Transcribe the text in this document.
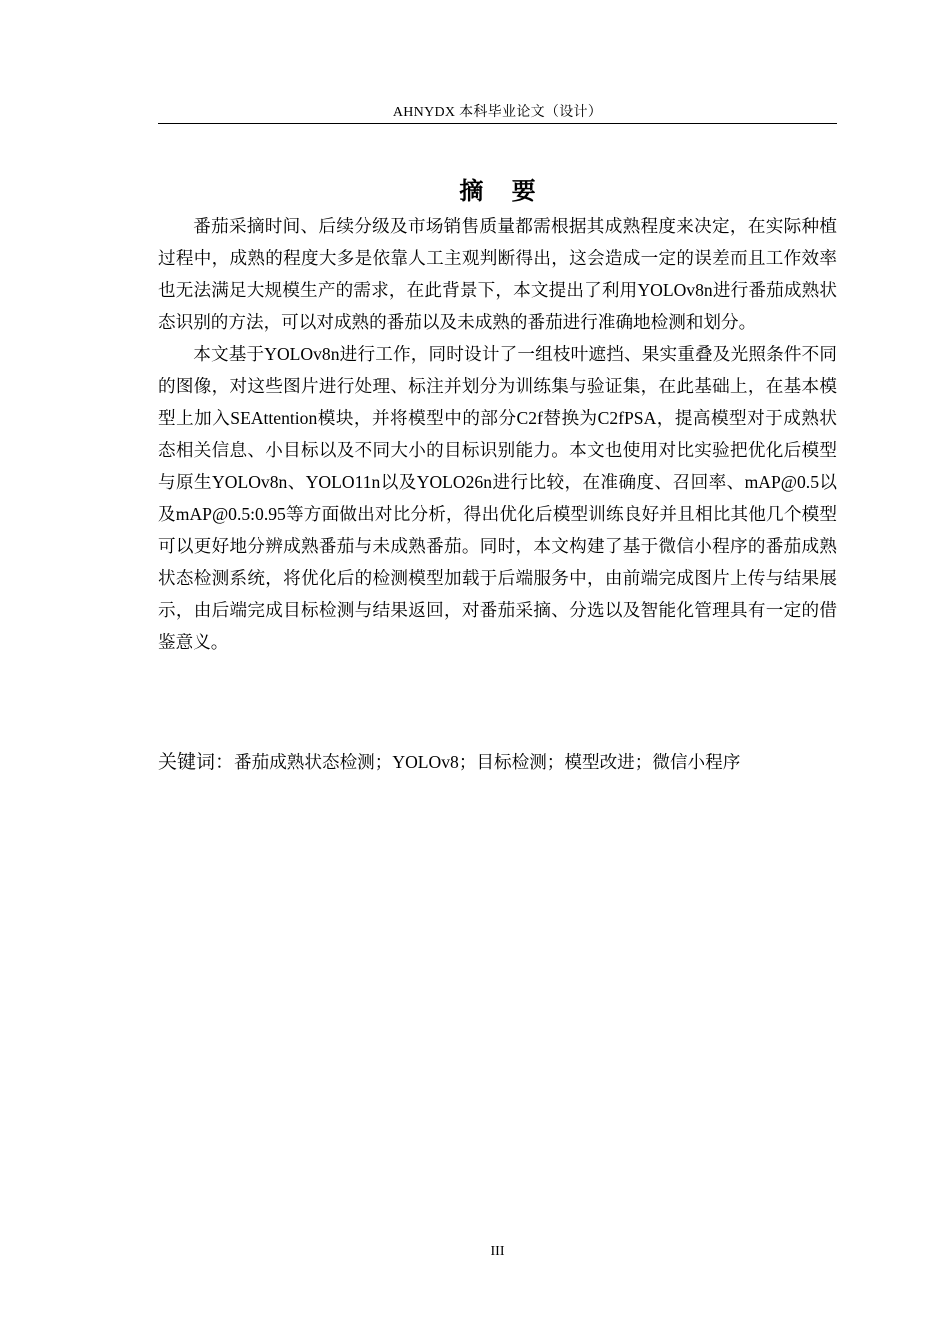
AHNYDX 本科毕业论文（设计）
摘 要

番茄采摘时间、后续分级及市场销售质量都需根据其成熟程度来决定，在实际种植过程中，成熟的程度大多是依靠人工主观判断得出，这会造成一定的误差而且工作效率也无法满足大规模生产的需求，在此背景下，本文提出了利用YOLOv8n进行番茄成熟状态识别的方法，可以对成熟的番茄以及未成熟的番茄进行准确地检测和划分。

本文基于YOLOv8n进行工作，同时设计了一组枝叶遮挡、果实重叠及光照条件不同的图像，对这些图片进行处理、标注并划分为训练集与验证集，在此基础上，在基本模型上加入SEAttention模块，并将模型中的部分C2f替换为C2fPSA，提高模型对于成熟状态相关信息、小目标以及不同大小的目标识别能力。本文也使用对比实验把优化后模型与原生YOLOv8n、YOLO11n以及YOLO26n进行比较，在准确度、召回率、mAP@0.5以及mAP@0.5:0.95等方面做出对比分析，得出优化后模型训练良好并且相比其他几个模型可以更好地分辨成熟番茄与未成熟番茄。同时，本文构建了基于微信小程序的番茄成熟状态检测系统，将优化后的检测模型加载于后端服务中，由前端完成图片上传与结果展示，由后端完成目标检测与结果返回，对番茄采摘、分选以及智能化管理具有一定的借鉴意义。

关键词：番茄成熟状态检测；YOLOv8；目标检测；模型改进；微信小程序
III
